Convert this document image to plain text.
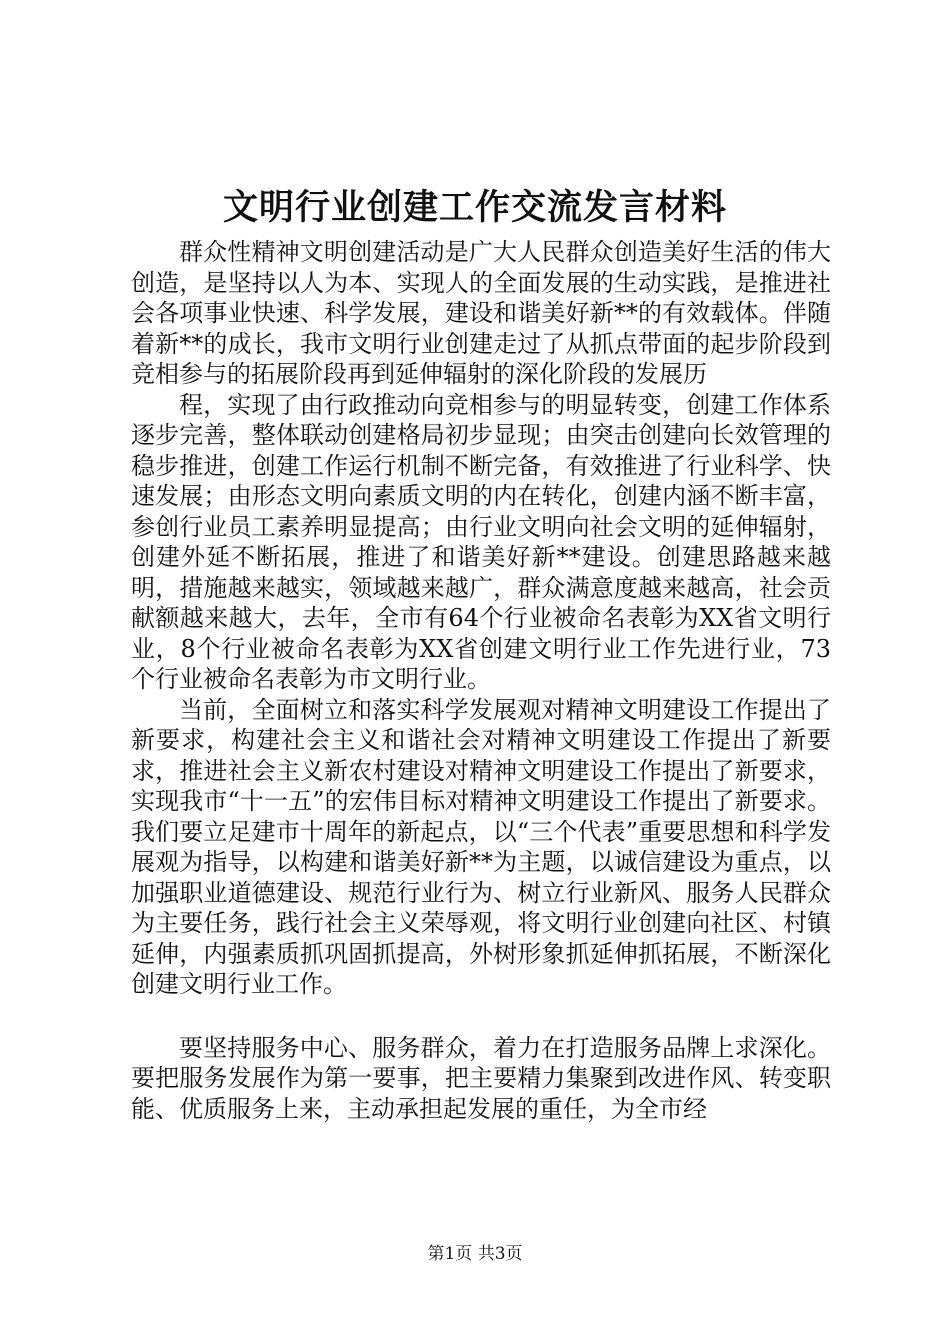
文明行业创建工作交流发言材料

群众性精神文明创建活动是广大人民群众创造美好生活的伟大创造，是坚持以人为本、实现人的全面发展的生动实践，是推进社会各项事业快速、科学发展，建设和谐美好新**的有效载体。伴随着新**的成长，我市文明行业创建走过了从抓点带面的起步阶段到竞相参与的拓展阶段再到延伸辐射的深化阶段的发展历

程，实现了由行政推动向竞相参与的明显转变，创建工作体系逐步完善，整体联动创建格局初步显现；由突击创建向长效管理的稳步推进，创建工作运行机制不断完备，有效推进了行业科学、快速发展；由形态文明向素质文明的内在转化，创建内涵不断丰富，参创行业员工素养明显提高；由行业文明向社会文明的延伸辐射，创建外延不断拓展，推进了和谐美好新**建设。创建思路越来越明，措施越来越实，领域越来越广，群众满意度越来越高，社会贡献额越来越大，去年，全市有64个行业被命名表彰为XX省文明行业，8个行业被命名表彰为XX省创建文明行业工作先进行业，73个行业被命名表彰为市文明行业。

当前，全面树立和落实科学发展观对精神文明建设工作提出了新要求，构建社会主义和谐社会对精神文明建设工作提出了新要求，推进社会主义新农村建设对精神文明建设工作提出了新要求，实现我市“十一五”的宏伟目标对精神文明建设工作提出了新要求。我们要立足建市十周年的新起点，以“三个代表”重要思想和科学发展观为指导，以构建和谐美好新**为主题，以诚信建设为重点，以加强职业道德建设、规范行业行为、树立行业新风、服务人民群众为主要任务，践行社会主义荣辱观，将文明行业创建向社区、村镇延伸，内强素质抓巩固抓提高，外树形象抓延伸抓拓展，不断深化创建文明行业工作。

要坚持服务中心、服务群众，着力在打造服务品牌上求深化。要把服务发展作为第一要事，把主要精力集聚到改进作风、转变职能、优质服务上来，主动承担起发展的重任，为全市经

第1页 共3页
